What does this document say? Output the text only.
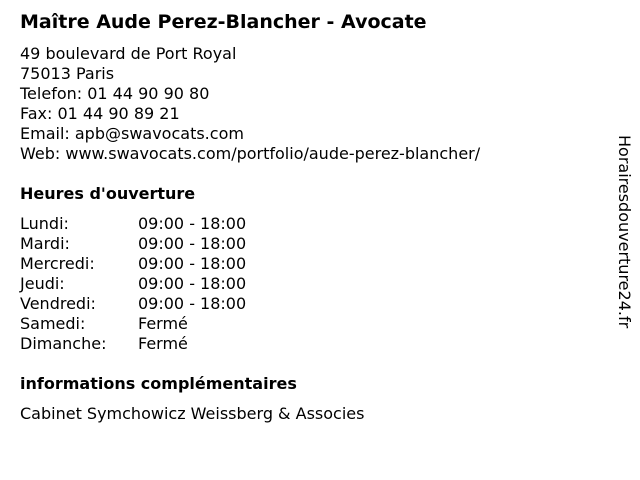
Maître Aude Perez-Blancher - Avocate
49 boulevard de Port Royal
75013 Paris
Telefon: 01 44 90 90 80
Fax: 01 44 90 89 21
Email: apb@swavocats.com
Web: www.swavocats.com/portfolio/aude-perez-blancher/
Heures d'ouverture
Lundi:	09:00 - 18:00
Mardi:	09:00 - 18:00
Mercredi:	09:00 - 18:00
Jeudi:	09:00 - 18:00
Vendredi:	09:00 - 18:00
Samedi:	Fermé
Dimanche: Fermé
informations complémentaires
Cabinet Symchowicz Weissberg & Associes
Horairesdouverture24.fr
